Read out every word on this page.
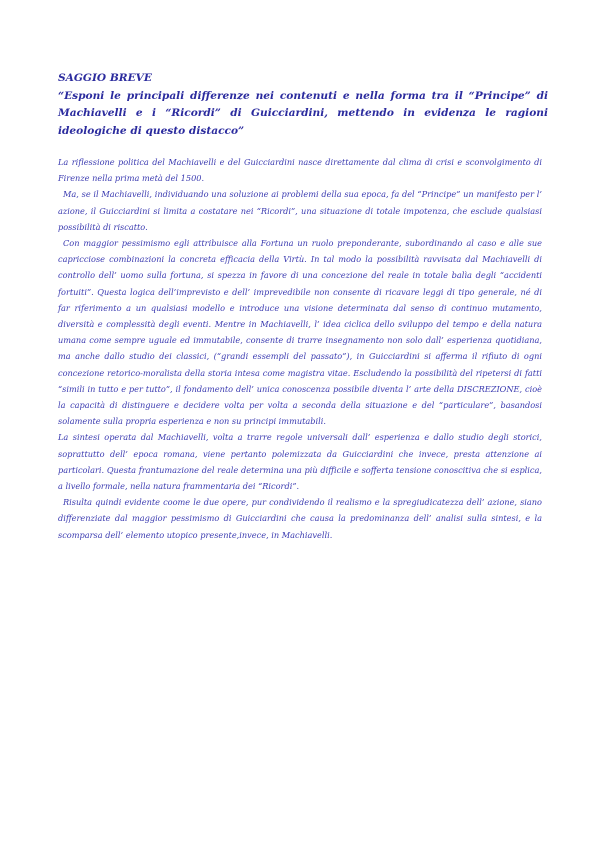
SAGGIO BREVE
“Esponi le principali differenze nei contenuti e nella forma tra il “Principe” di Machiavelli e i “Ricordi” di Guicciardini, mettendo in evidenza le ragioni ideologiche di questo distacco”

La riflessione politica del Machiavelli e del Guicciardini nasce direttamente dal clima di crisi e sconvolgimento di Firenze nella prima metà del 1500.

Ma, se il Machiavelli, individuando una soluzione ai problemi della sua epoca, fa del “Principe” un manifesto per l’ azione, il Guicciardini si limita a costatare nei “Ricordi”, una situazione di totale impotenza, che esclude qualsiasi possibilità di riscatto.

Con maggior pessimismo egli attribuisce alla Fortuna un ruolo preponderante, subordinando al caso e alle sue capricciose combinazioni la concreta efficacia della Virtù. In tal modo la possibilità ravvisata dal Machiavelli di controllo dell’ uomo sulla fortuna, si spezza in favore di una concezione del reale in totale balìa degli “accidenti fortuiti”. Questa logica dell’imprevisto e dell’ imprevedibile non consente di ricavare leggi di tipo generale, né di far riferimento a un qualsiasi modello e introduce una visione determinata dal senso di continuo mutamento, diversità e complessità degli eventi. Mentre in Machiavelli, l’ idea ciclica dello sviluppo del tempo e della natura umana come sempre uguale ed immutabile, consente di trarre insegnamento non solo dall’ esperienza quotidiana, ma anche dallo studio dei classici, (“grandi essempli del passato”), in Guicciardini si afferma il rifiuto di ogni concezione retorico-moralista della storia intesa come magistra vitae. Escludendo la possibilità del ripetersi di fatti “simili in tutto e per tutto”, il fondamento dell’ unica conoscenza possibile diventa l’ arte della DISCREZIONE, cioè la capacità di distinguere e decidere volta per volta a seconda della situazione e del “particulare”, basandosi solamente sulla propria esperienza e non su principi immutabili.

La sintesi operata dal Machiavelli, volta a trarre regole universali dall’ esperienza e dallo studio degli storici, soprattutto dell’ epoca romana, viene pertanto polemizzata da Guicciardini che invece, presta attenzione ai particolari. Questa frantumazione del reale determina una più difficile e sofferta tensione conoscitiva che si esplica, a livello formale, nella natura frammentaria dei “Ricordi”.

Risulta quindi evidente coome le due opere, pur condividendo il realismo e la spregiudicatezza dell’ azione, siano differenziate dal maggior pessimismo di Guicciardini che causa la predominanza dell’ analisi sulla sintesi, e la scomparsa dell’ elemento utopico presente,invece, in Machiavelli.
